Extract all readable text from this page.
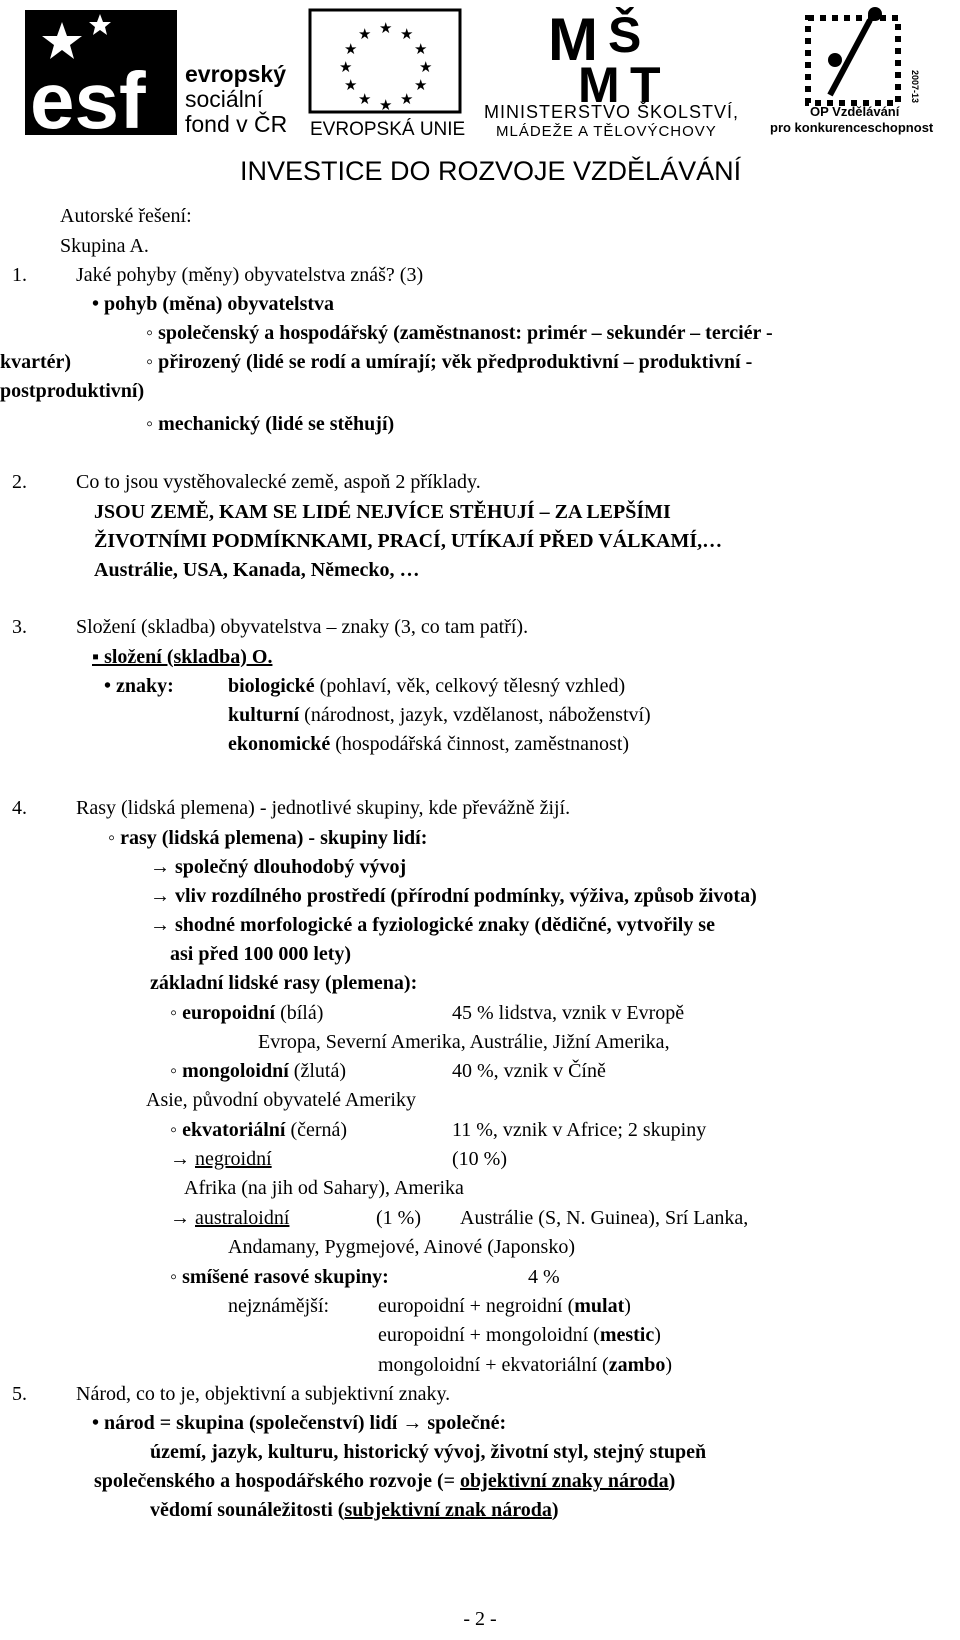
esf evropský
sociální
fond v ČR
★ ★
★
★
★
★
★
★
★
★
★
★
EVROPSKÁ UNIE
M Š
M T
MINISTERSTVO ŠKOLSTVÍ,
MLÁDEŽE A TĚLOVÝCHOVY
2007-13
OP Vzdělávání
pro konkurenceschopnost
INVESTICE DO ROZVOJE VZDĚLÁVÁNÍ
Autorské řešení:
Skupina A.
1. Jaké pohyby (měny) obyvatelstva znáš? (3)
• pohyb (měna) obyvatelstva
◦ společenský a hospodářský (zaměstnanost: primér – sekundér – terciér -
kvartér)	◦ přirozený (lidé se rodí a umírají; věk předproduktivní – produktivní -
postproduktivní)
◦ mechanický (lidé se stěhují)
2. Co to jsou vystěhovalecké země, aspoň 2 příklady.
JSOU ZEMĚ, KAM SE LIDÉ NEJVÍCE STĚHUJÍ – ZA LEPŠÍMI
ŽIVOTNÍMI PODMÍKNKAMI, PRACÍ, UTÍKAJÍ PŘED VÁLKAMÍ,…
Austrálie, USA, Kanada, Německo, …
3. Složení (skladba) obyvatelstva – znaky (3, co tam patří).
▪ složení (skladba) O.
• znaky:	biologické (pohlaví, věk, celkový tělesný vzhled)
kulturní (národnost, jazyk, vzdělanost, náboženství)
ekonomické (hospodářská činnost, zaměstnanost)
4. Rasy (lidská plemena) - jednotlivé skupiny, kde převážně žijí.
◦ rasy (lidská plemena) - skupiny lidí:
→ společný dlouhodobý vývoj
→ vliv rozdílného prostředí (přírodní podmínky, výživa, způsob života)
→ shodné morfologické a fyziologické znaky (dědičné, vytvořily se
asi před 100 000 lety)
základní lidské rasy (plemena):
◦ europoidní (bílá)	45 % lidstva, vznik v Evropě
Evropa, Severní Amerika, Austrálie, Jižní Amerika,
◦ mongoloidní (žlutá)	40 %, vznik v Číně
Asie, původní obyvatelé Ameriky
◦ ekvatoriální (černá)	11 %, vznik v Africe; 2 skupiny
→ negroidní	(10 %)
Afrika (na jih od Sahary), Amerika
→ australoidní	(1 %) Austrálie (S, N. Guinea), Srí Lanka,
Andamany, Pygmejové, Ainové (Japonsko)
◦ smíšené rasové skupiny:	4 %
nejznámější: europoidní + negroidní (mulat)
europoidní + mongoloidní (mestic)
mongoloidní + ekvatoriální (zambo)
5. Národ, co to je, objektivní a subjektivní znaky.
• národ = skupina (společenství) lidí → společné:
území, jazyk, kulturu, historický vývoj, životní styl, stejný stupeň
společenského a hospodářského rozvoje (= objektivní znaky národa)
vědomí sounáležitosti (subjektivní znak národa)
- 2 -
